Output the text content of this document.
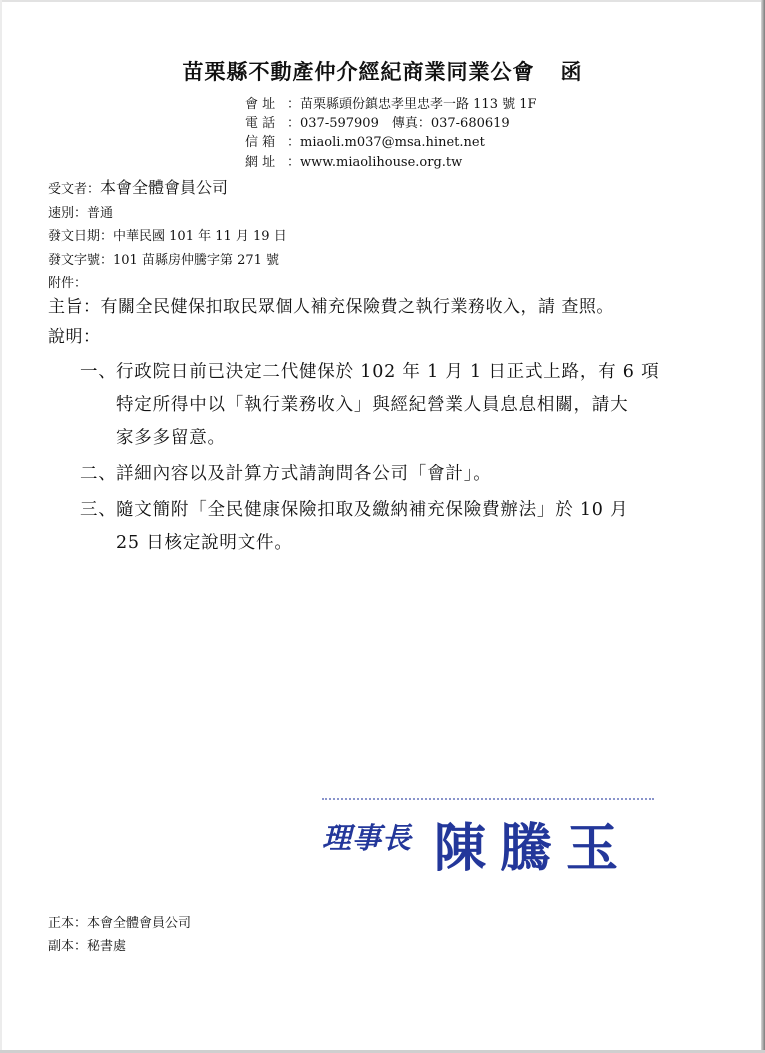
苗栗縣不動產仲介經紀商業同業公會 函
會 址 ：苗栗縣頭份鎮忠孝里忠孝一路 113 號 1F
電 話 ：037-597909　傳真：037-680619
信 箱 ：miaoli.m037@msa.hinet.net
網 址 ：www.miaolihouse.org.tw
受文者：本會全體會員公司
速別：普通
發文日期：中華民國 101 年 11 月 19 日
發文字號：101 苗縣房仲騰字第 271 號
附件：
主旨：有關全民健保扣取民眾個人補充保險費之執行業務收入，請 查照。
說明：
一、 行政院日前已決定二代健保於 102 年 1 月 1 日正式上路，有 6 項
特定所得中以「執行業務收入」與經紀營業人員息息相關，請大
家多多留意。
二、 詳細內容以及計算方式請詢問各公司「會計」。
三、 隨文簡附「全民健康保險扣取及繳納補充保險費辦法」於 10 月
25 日核定說明文件。
理事長 陳騰玉
正本：本會全體會員公司
副本：秘書處
